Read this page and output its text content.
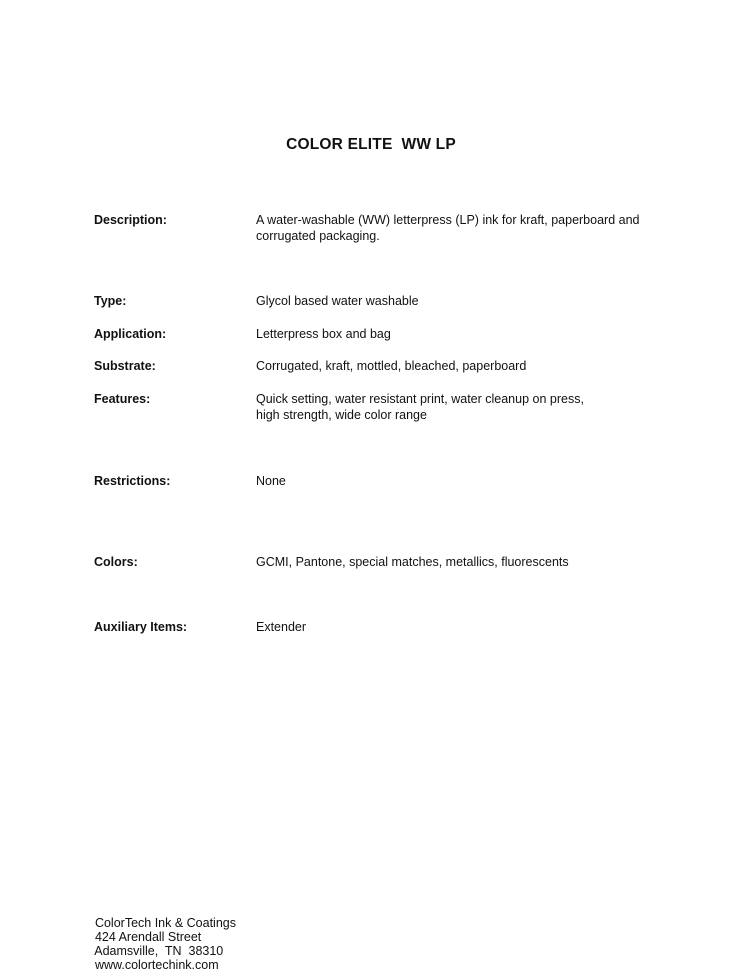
COLOR ELITE  WW LP
Description:	A water-washable (WW) letterpress (LP) ink for kraft, paperboard and
corrugated packaging.
Type:	Glycol based water washable
Application:	Letterpress box and bag
Substrate:	Corrugated, kraft, mottled, bleached, paperboard
Features:	Quick setting, water resistant print, water cleanup on press,
high strength, wide color range
Restrictions:	None
Colors:	GCMI, Pantone, special matches, metallics, fluorescents
Auxiliary Items:	Extender

ColorTech Ink & Coatings
424 Arendall Street
Adamsville,  TN  38310
www.colortechink.com
